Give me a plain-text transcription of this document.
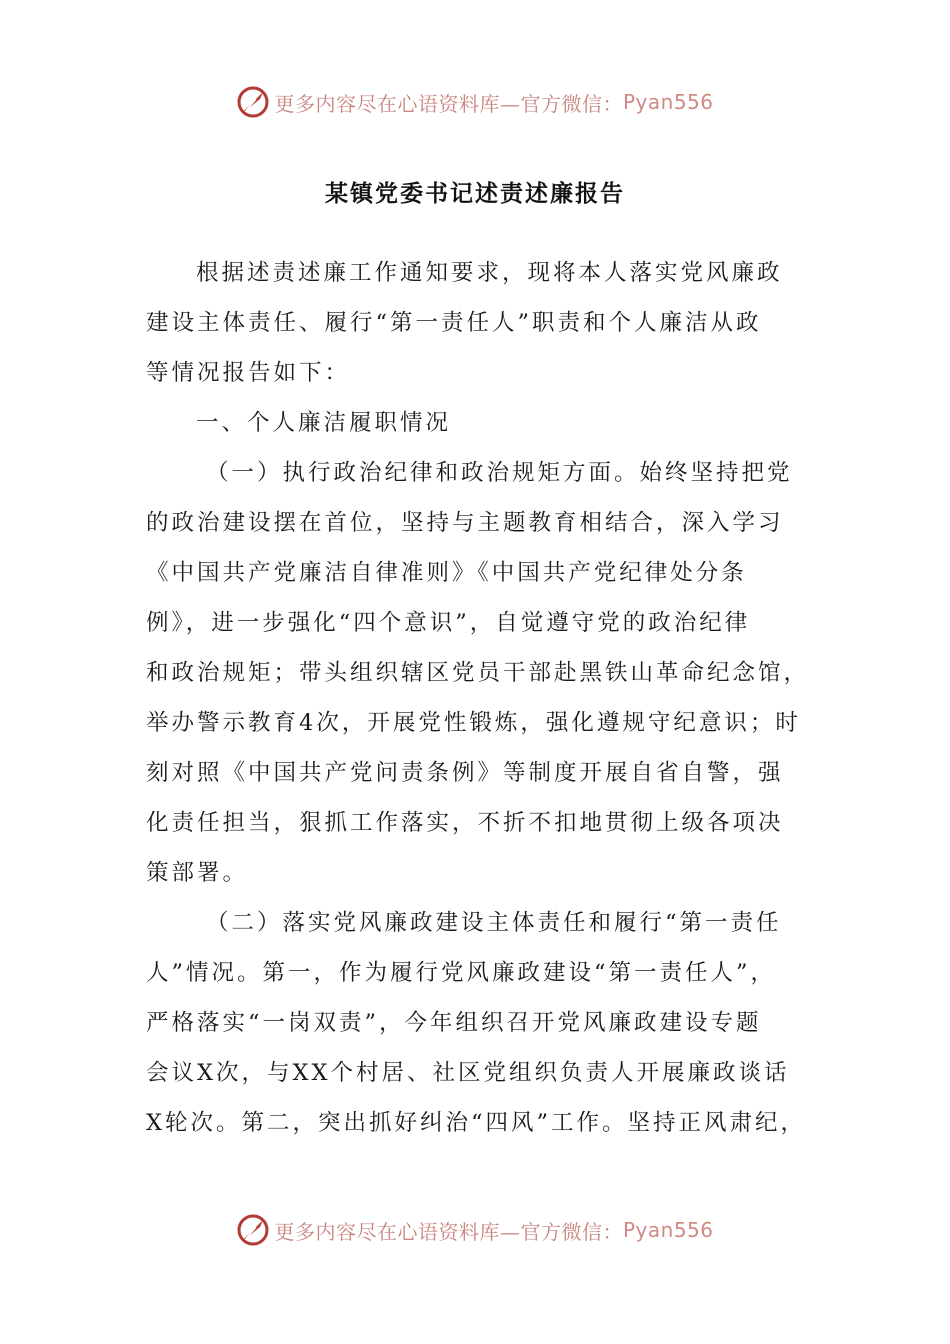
更多内容尽在心语资料库—官方微信： Pyan556
某镇党委书记述责述廉报告
根据述责述廉工作通知要求，现将本人落实党风廉政
建设主体责任、履行“第一责任人”职责和个人廉洁从政
等情况报告如下：
一、个人廉洁履职情况
（一）执行政治纪律和政治规矩方面。始终坚持把党
的政治建设摆在首位，坚持与主题教育相结合，深入学习
《中国共产党廉洁自律准则》《中国共产党纪律处分条
例》，进一步强化“四个意识”，自觉遵守党的政治纪律
和政治规矩；带头组织辖区党员干部赴黑铁山革命纪念馆，
举办警示教育4次，开展党性锻炼，强化遵规守纪意识；时
刻对照《中国共产党问责条例》等制度开展自省自警，强
化责任担当，狠抓工作落实，不折不扣地贯彻上级各项决
策部署。
（二）落实党风廉政建设主体责任和履行“第一责任
人”情况。第一，作为履行党风廉政建设“第一责任人”，
严格落实“一岗双责”，今年组织召开党风廉政建设专题
会议X次，与XX个村居、社区党组织负责人开展廉政谈话
X轮次。第二，突出抓好纠治“四风”工作。坚持正风肃纪，
更多内容尽在心语资料库—官方微信： Pyan556
